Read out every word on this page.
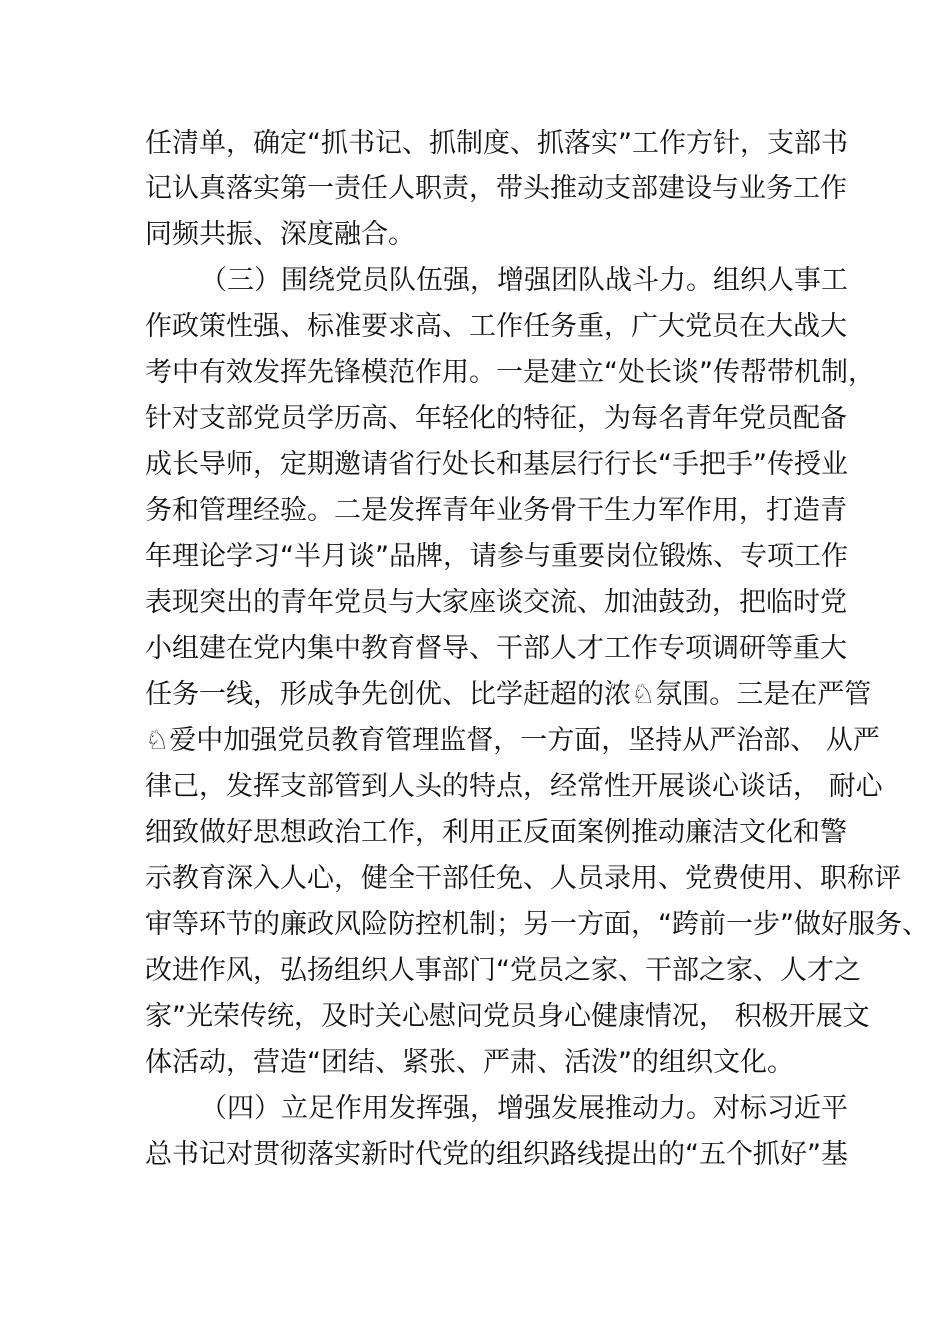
任清单，确定“抓书记、抓制度、抓落实”工作方针，支部书
记认真落实第一责任人职责，带头推动支部建设与业务工作
同频共振、深度融合。
（三）围绕党员队伍强，增强团队战斗力。组织人事工
作政策性强、标准要求高、工作任务重，广大党员在大战大
考中有效发挥先锋模范作用。一是建立“处长谈”传帮带机制，
针对支部党员学历高、年轻化的特征，为每名青年党员配备
成长导师，定期邀请省行处长和基层行行长“手把手”传授业
务和管理经验。二是发挥青年业务骨干生力军作用，打造青
年理论学习“半月谈”品牌，请参与重要岗位锻炼、专项工作
表现突出的青年党员与大家座谈交流、加油鼓劲，把临时党
小组建在党内集中教育督导、干部人才工作专项调研等重大
任务一线，形成争先创优、比学赶超的浓♘氛围。三是在严管
♘爱中加强党员教育管理监督，一方面，坚持从严治部、 从严
律己，发挥支部管到人头的特点，经常性开展谈心谈话， 耐心
细致做好思想政治工作，利用正反面案例推动廉洁文化和警
示教育深入人心，健全干部任免、人员录用、党费使用、职称评
审等环节的廉政风险防控机制；另一方面，“跨前一步”做好服务、
改进作风，弘扬组织人事部门“党员之家、干部之家、人才之
家”光荣传统，及时关心慰问党员身心健康情况， 积极开展文
体活动，营造“团结、紧张、严肃、活泼”的组织文化。
（四）立足作用发挥强，增强发展推动力。对标习近平
总书记对贯彻落实新时代党的组织路线提出的“五个抓好”基
